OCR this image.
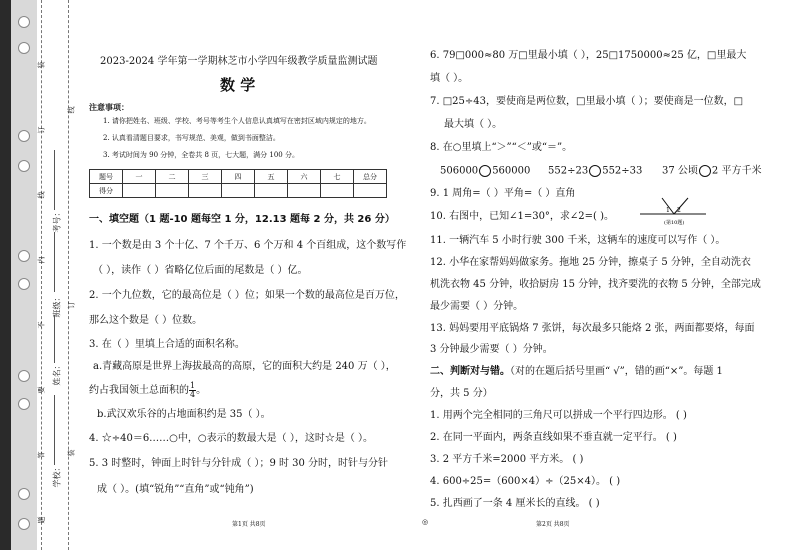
装
订
线
内
不
要
答
题
考号：
班级：
姓名：
学校：
线
订
装
2023-2024 学年第一学期林芝市小学四年级教学质量监测试题
数 学
注意事项：
1. 请你把姓名、班级、学校、考号等考生个人信息认真填写在密封区域内规定的地方。
2. 认真看清题目要求，书写规范、美观，做到书面整洁。
3. 考试时间为 90 分钟，全卷共 8 页，七大题，满分 100 分。
题号	一	二	三	四	五	六	七	总分
得分								
一、填空题（1 题-10 题每空 1 分，12.13 题每 2 分，共 26 分）
1. 一个数是由 3 个十亿、7 个千万、6 个万和 4 个百组成，这个数写作
（ ），读作（ ）省略亿位后面的尾数是（ ）亿。
2. 一个九位数，它的最高位是（ ）位；如果一个数的最高位是百万位，
那么这个数是（ ）位数。
3. 在（ ）里填上合适的面积名称。
a.青藏高原是世界上海拔最高的高原，它的面积大约是 240 万（ ），
约占我国领土总面积的 $\frac{1}{4}$ 。
b.武汉欢乐谷的占地面积约是 35（ ）。
4. ☆÷40＝6……○中，○表示的数最大是（ ），这时☆是（ ）。
5. 3 时整时，钟面上时针与分针成（ ）；9 时 30 分时，时针与分针
成（ ）。(填“锐角”“直角”或“钝角”)
第1页 共8页	◎	第2页 共8页
6. 79□000≈80 万□里最小填（ ），25□1750000≈25 亿，□里最大
填（ ）。
7. □25÷43，要使商是两位数，□里最小填（ ）；要使商是一位数，□
最大填（ ）。
8. 在○里填上“＞”“＜”或“＝”。
506000 560000 552÷23 552÷33 37 公顷 2 平方千米
9. 1 周角=（ ）平角=（ ）直角
10. 右图中，已知∠1=30°，求∠2=( )。
1 2
(第10题)
11. 一辆汽车 5 小时行驶 300 千米，这辆车的速度可以写作（ ）。
12. 小华在家帮妈妈做家务。拖地 25 分钟，擦桌子 5 分钟，全自动洗衣
机洗衣物 45 分钟，收拾厨房 15 分钟，找齐要洗的衣物 5 分钟，全部完成
最少需要（ ）分钟。
13. 妈妈要用平底锅烙 7 张饼，每次最多只能烙 2 张，两面都要烙，每面
3 分钟最少需要（ ）分钟。
二、判断对与错。（对的在题后括号里画“ √”，错的画“×”。每题 1
分，共 5 分）
1. 用两个完全相同的三角尺可以拼成一个平行四边形。 ( )
2. 在同一平面内，两条直线如果不垂直就一定平行。 ( )
3. 2 平方千米=2000 平方米。 ( )
4. 600÷25=（600×4）÷（25×4）。 ( )
5. 扎西画了一条 4 厘米长的直线。 ( )
